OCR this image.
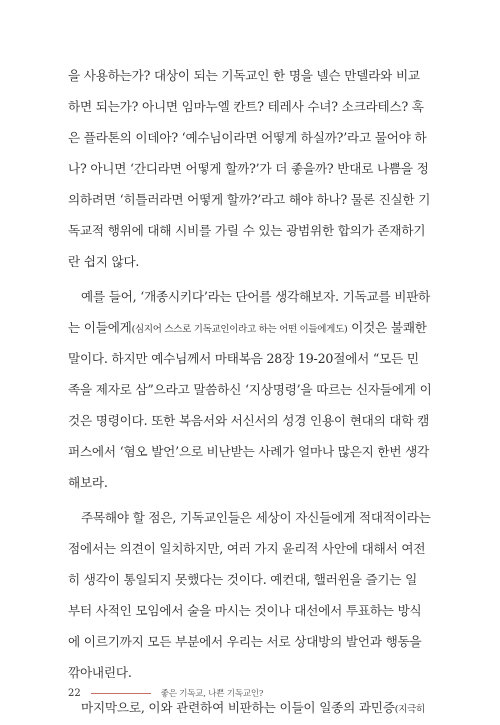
을 사용하는가? 대상이 되는 기독교인 한 명을 넬슨 만델라와 비교
하면 되는가? 아니면 임마누엘 칸트? 테레사 수녀? 소크라테스? 혹
은 플라톤의 이데아? ‘예수님이라면 어떻게 하실까?’라고 물어야 하
나? 아니면 ‘간디라면 어떻게 할까?’가 더 좋을까? 반대로 나쁨을 정
의하려면 ‘히틀러라면 어떻게 할까?’라고 해야 하나? 물론 진실한 기
독교적 행위에 대해 시비를 가릴 수 있는 광범위한 합의가 존재하기
란 쉽지 않다.
예를 들어, ‘개종시키다’라는 단어를 생각해보자. 기독교를 비판하
는 이들에게(심지어 스스로 기독교인이라고 하는 어떤 이들에게도) 이것은 불쾌한
말이다. 하지만 예수님께서 마태복음 28장 19-20절에서 “모든 민
족을 제자로 삼”으라고 말씀하신 ‘지상명령’을 따르는 신자들에게 이
것은 명령이다. 또한 복음서와 서신서의 성경 인용이 현대의 대학 캠
퍼스에서 ‘혐오 발언’으로 비난받는 사례가 얼마나 많은지 한번 생각
해보라.
주목해야 할 점은, 기독교인들은 세상이 자신들에게 적대적이라는
점에서는 의견이 일치하지만, 여러 가지 윤리적 사안에 대해서 여전
히 생각이 통일되지 못했다는 것이다. 예컨대, 핼러윈을 즐기는 일
부터 사적인 모임에서 술을 마시는 것이나 대선에서 투표하는 방식
에 이르기까지 모든 부분에서 우리는 서로 상대방의 발언과 행동을
깎아내린다.
마지막으로, 이와 관련하여 비판하는 이들이 일종의 과민증(지극히
22	좋은 기독교, 나쁜 기독교인?
